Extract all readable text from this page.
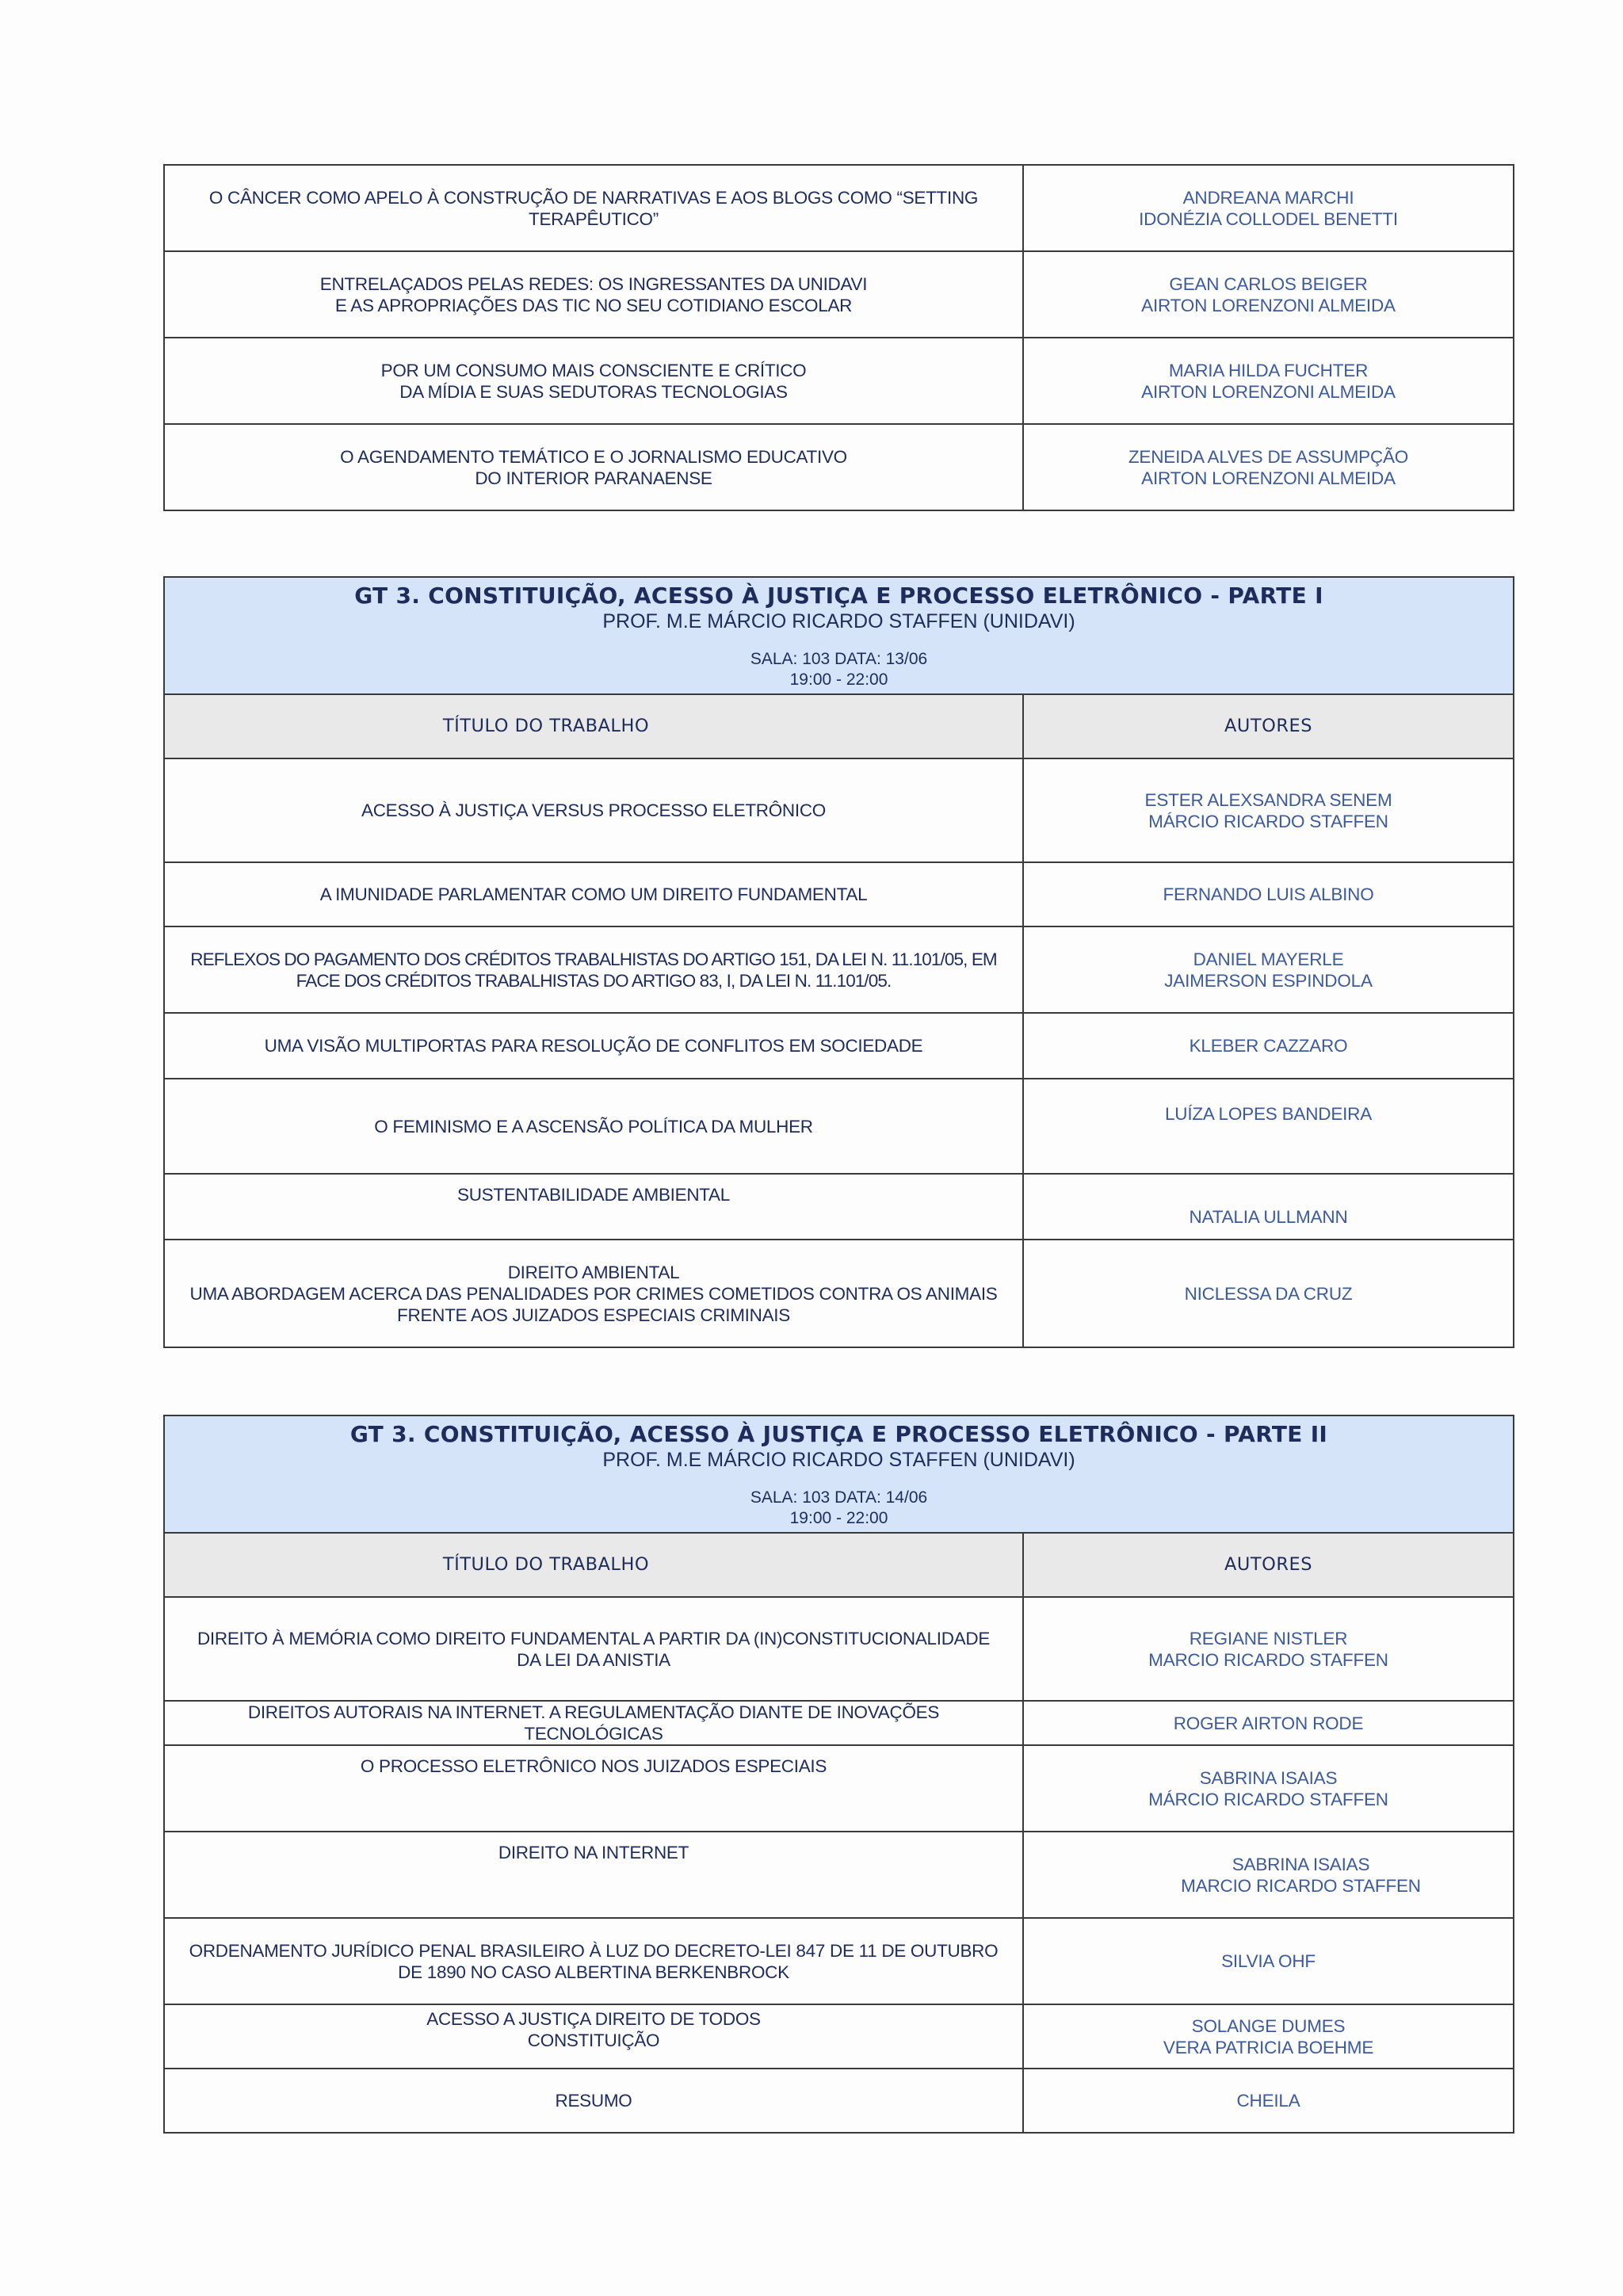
O CÂNCER COMO APELO À CONSTRUÇÃO DE NARRATIVAS E AOS BLOGS COMO “SETTING
TERAPÊUTICO”	ANDREANA MARCHI
IDONÉZIA COLLODEL BENETTI

ENTRELAÇADOS PELAS REDES: OS INGRESSANTES DA UNIDAVI
E AS APROPRIAÇÕES DAS TIC NO SEU COTIDIANO ESCOLAR	GEAN CARLOS BEIGER
AIRTON LORENZONI ALMEIDA

POR UM CONSUMO MAIS CONSCIENTE E CRÍTICO
DA MÍDIA E SUAS SEDUTORAS TECNOLOGIAS	MARIA HILDA FUCHTER
AIRTON LORENZONI ALMEIDA

O AGENDAMENTO TEMÁTICO E O JORNALISMO EDUCATIVO
DO INTERIOR PARANAENSE	ZENEIDA ALVES DE ASSUMPÇÃO
AIRTON LORENZONI ALMEIDA
GT 3. CONSTITUIÇÃO, ACESSO À JUSTIÇA E PROCESSO ELETRÔNICO - PARTE I
PROF. M.E MÁRCIO RICARDO STAFFEN (UNIDAVI)
SALA: 103 DATA: 13/06
19:00 - 22:00	

TÍTULO DO TRABALHO	AUTORES

ACESSO À JUSTIÇA VERSUS PROCESSO ELETRÔNICO	ESTER ALEXSANDRA SENEM
MÁRCIO RICARDO STAFFEN

A IMUNIDADE PARLAMENTAR COMO UM DIREITO FUNDAMENTAL	FERNANDO LUIS ALBINO

REFLEXOS DO PAGAMENTO DOS CRÉDITOS TRABALHISTAS DO ARTIGO 151, DA LEI N. 11.101/05, EM
FACE DOS CRÉDITOS TRABALHISTAS DO ARTIGO 83, I, DA LEI N. 11.101/05.	DANIEL MAYERLE
JAIMERSON ESPINDOLA

UMA VISÃO MULTIPORTAS PARA RESOLUÇÃO DE CONFLITOS EM SOCIEDADE	KLEBER CAZZARO

O FEMINISMO E A ASCENSÃO POLÍTICA DA MULHER	LUÍZA LOPES BANDEIRA

SUSTENTABILIDADE AMBIENTAL	NATALIA ULLMANN

DIREITO AMBIENTAL
UMA ABORDAGEM ACERCA DAS PENALIDADES POR CRIMES COMETIDOS CONTRA OS ANIMAIS
FRENTE AOS JUIZADOS ESPECIAIS CRIMINAIS	NICLESSA DA CRUZ
GT 3. CONSTITUIÇÃO, ACESSO À JUSTIÇA E PROCESSO ELETRÔNICO - PARTE II
PROF. M.E MÁRCIO RICARDO STAFFEN (UNIDAVI)
SALA: 103 DATA: 14/06
19:00 - 22:00	

TÍTULO DO TRABALHO	AUTORES

DIREITO À MEMÓRIA COMO DIREITO FUNDAMENTAL A PARTIR DA (IN)CONSTITUCIONALIDADE
DA LEI DA ANISTIA	REGIANE NISTLER
MARCIO RICARDO STAFFEN

DIREITOS AUTORAIS NA INTERNET. A REGULAMENTAÇÃO DIANTE DE INOVAÇÕES
TECNOLÓGICAS	ROGER AIRTON RODE

O PROCESSO ELETRÔNICO NOS JUIZADOS ESPECIAIS	SABRINA ISAIAS
MÁRCIO RICARDO STAFFEN

DIREITO NA INTERNET	SABRINA ISAIAS
MARCIO RICARDO STAFFEN

ORDENAMENTO JURÍDICO PENAL BRASILEIRO À LUZ DO DECRETO-LEI 847 DE 11 DE OUTUBRO
DE 1890 NO CASO ALBERTINA BERKENBROCK	SILVIA OHF

ACESSO A JUSTIÇA DIREITO DE TODOS
CONSTITUIÇÃO	SOLANGE DUMES
VERA PATRICIA BOEHME

RESUMO	CHEILA
